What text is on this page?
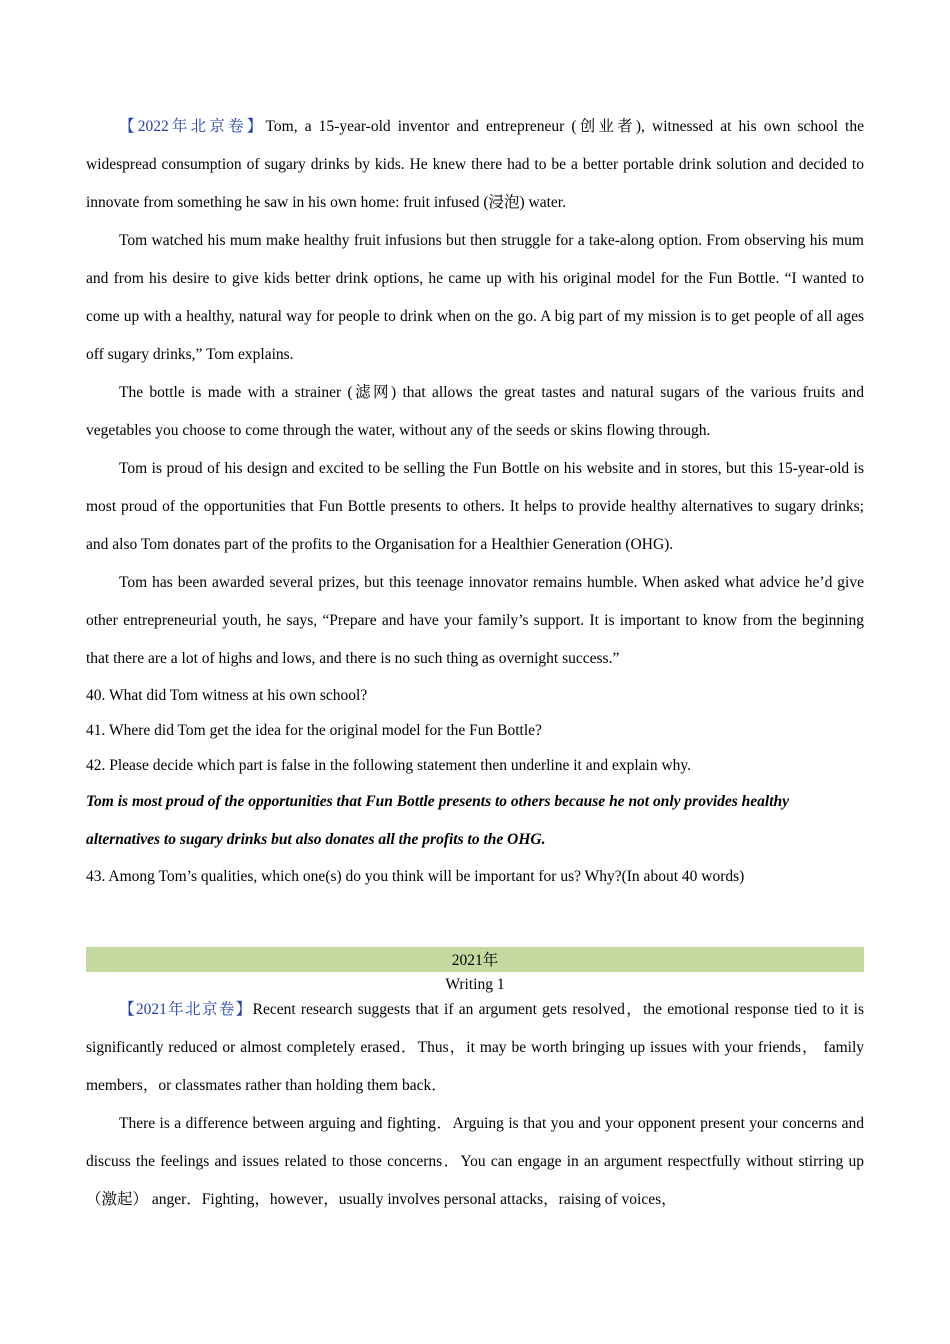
【2022年北京卷】Tom, a 15-year-old inventor and entrepreneur (创业者), witnessed at his own school the widespread consumption of sugary drinks by kids. He knew there had to be a better portable drink solution and decided to innovate from something he saw in his own home: fruit infused (浸泡) water.

Tom watched his mum make healthy fruit infusions but then struggle for a take-along option. From observing his mum and from his desire to give kids better drink options, he came up with his original model for the Fun Bottle. “I wanted to come up with a healthy, natural way for people to drink when on the go. A big part of my mission is to get people of all ages off sugary drinks,” Tom explains.

The bottle is made with a strainer (滤网) that allows the great tastes and natural sugars of the various fruits and vegetables you choose to come through the water, without any of the seeds or skins flowing through.

Tom is proud of his design and excited to be selling the Fun Bottle on his website and in stores, but this 15-year-old is most proud of the opportunities that Fun Bottle presents to others. It helps to provide healthy alternatives to sugary drinks; and also Tom donates part of the profits to the Organisation for a Healthier Generation (OHG).

Tom has been awarded several prizes, but this teenage innovator remains humble. When asked what advice he’d give other entrepreneurial youth, he says, “Prepare and have your family’s support. It is important to know from the beginning that there are a lot of highs and lows, and there is no such thing as overnight success.”

40. What did Tom witness at his own school?

41. Where did Tom get the idea for the original model for the Fun Bottle?

42. Please decide which part is false in the following statement then underline it and explain why.

Tom is most proud of the opportunities that Fun Bottle presents to others because he not only provides healthy alternatives to sugary drinks but also donates all the profits to the OHG.

43. Among Tom’s qualities, which one(s) do you think will be important for us? Why?(In about 40 words)

2021年
Writing 1

【2021年北京卷】Recent research suggests that if an argument gets resolved，the emotional response tied to it is significantly reduced or almost completely erased．Thus，it may be worth bringing up issues with your friends， family members，or classmates rather than holding them back．

There is a difference between arguing and fighting．Arguing is that you and your opponent present your concerns and discuss the feelings and issues related to those concerns．You can engage in an argument respectfully without stirring up（激起） anger．Fighting，however，usually involves personal attacks，raising of voices，
